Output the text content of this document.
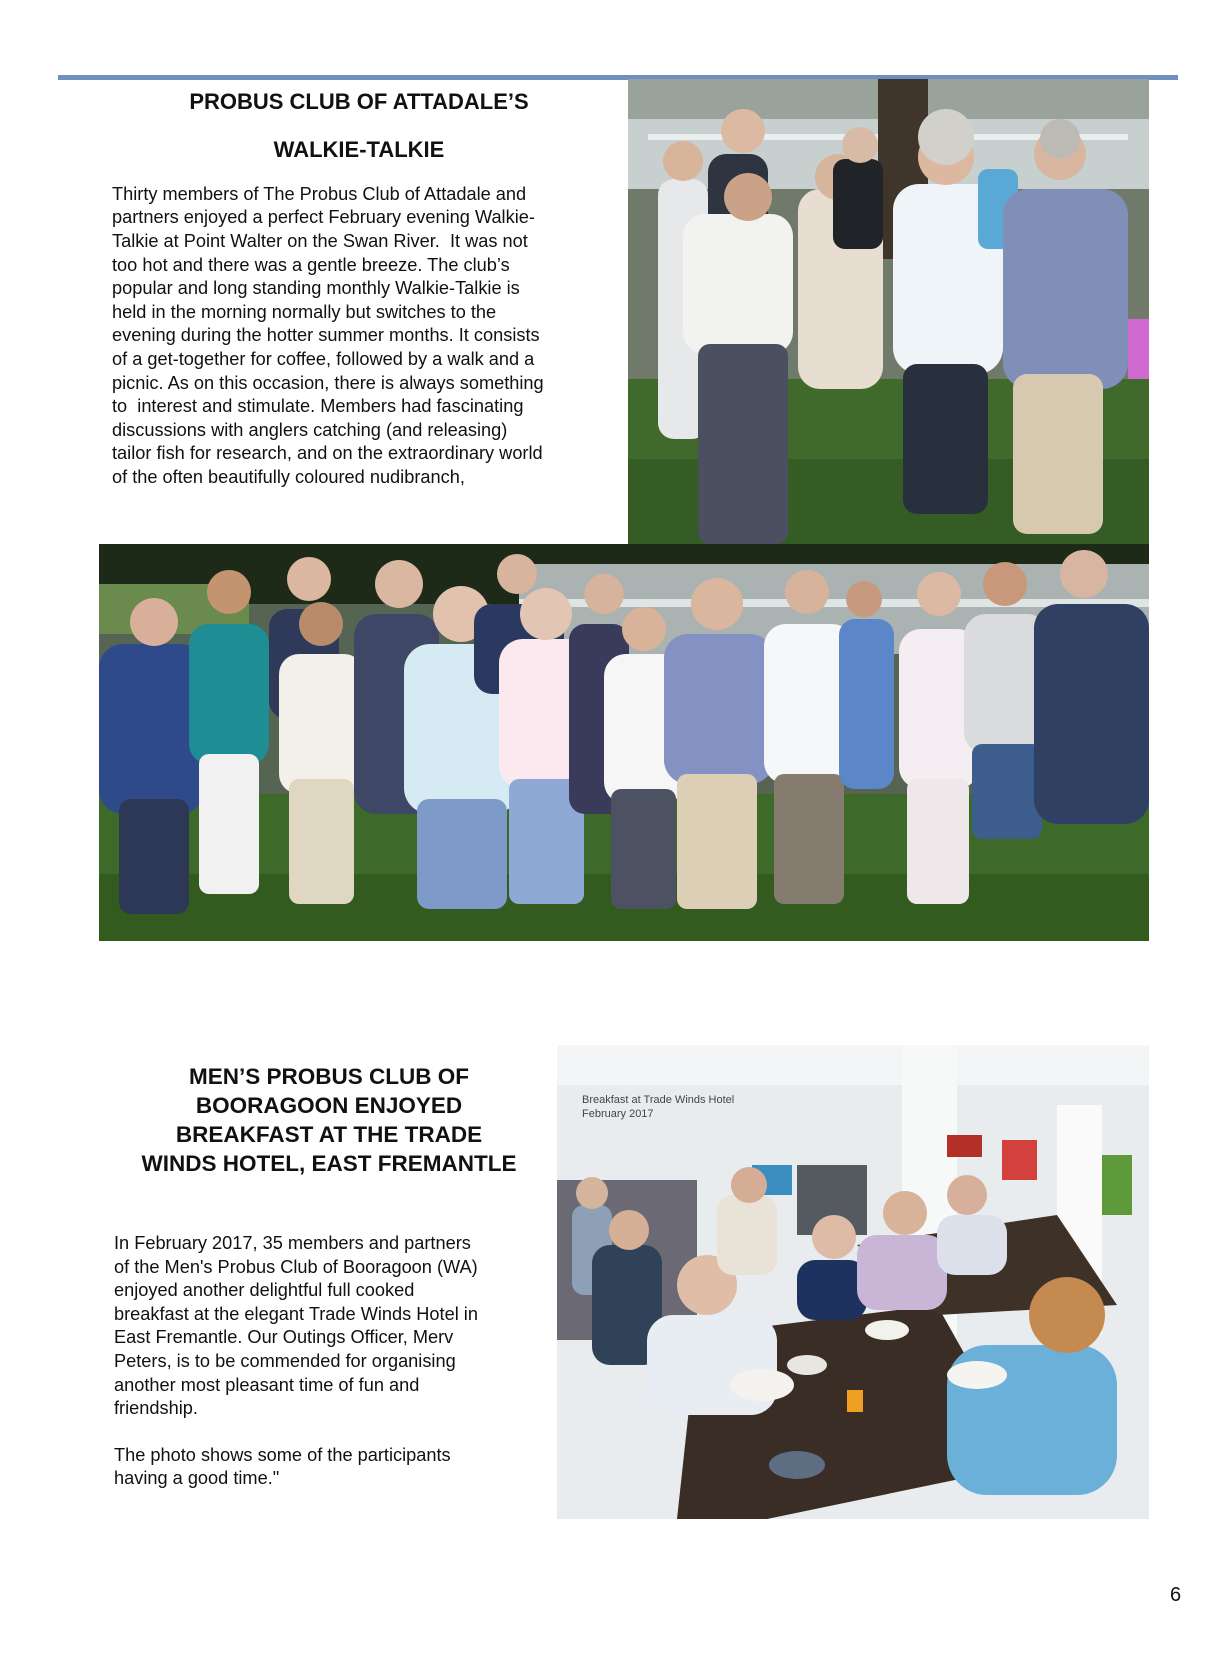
PROBUS CLUB OF ATTADALE’S

WALKIE-TALKIE

Thirty members of The Probus Club of Attadale and
partners enjoyed a perfect February evening Walkie-
Talkie at Point Walter on the Swan River.  It was not
too hot and there was a gentle breeze. The club’s
popular and long standing monthly Walkie-Talkie is
held in the morning normally but switches to the
evening during the hotter summer months. It consists
of a get-together for coffee, followed by a walk and a
picnic. As on this occasion, there is always something
to  interest and stimulate. Members had fascinating
discussions with anglers catching (and releasing)
tailor fish for research, and on the extraordinary world
of the often beautifully coloured nudibranch,

MEN’S PROBUS CLUB OF
BOORAGOON ENJOYED
BREAKFAST AT THE TRADE
WINDS HOTEL, EAST FREMANTLE

In February 2017, 35 members and partners
of the Men's Probus Club of Booragoon (WA)
enjoyed another delightful full cooked
breakfast at the elegant Trade Winds Hotel in
East Fremantle. Our Outings Officer, Merv
Peters, is to be commended for organising
another most pleasant time of fun and
friendship.
The photo shows some of the participants
having a good time."
Breakfast at Trade Winds Hotel
February 2017
6
